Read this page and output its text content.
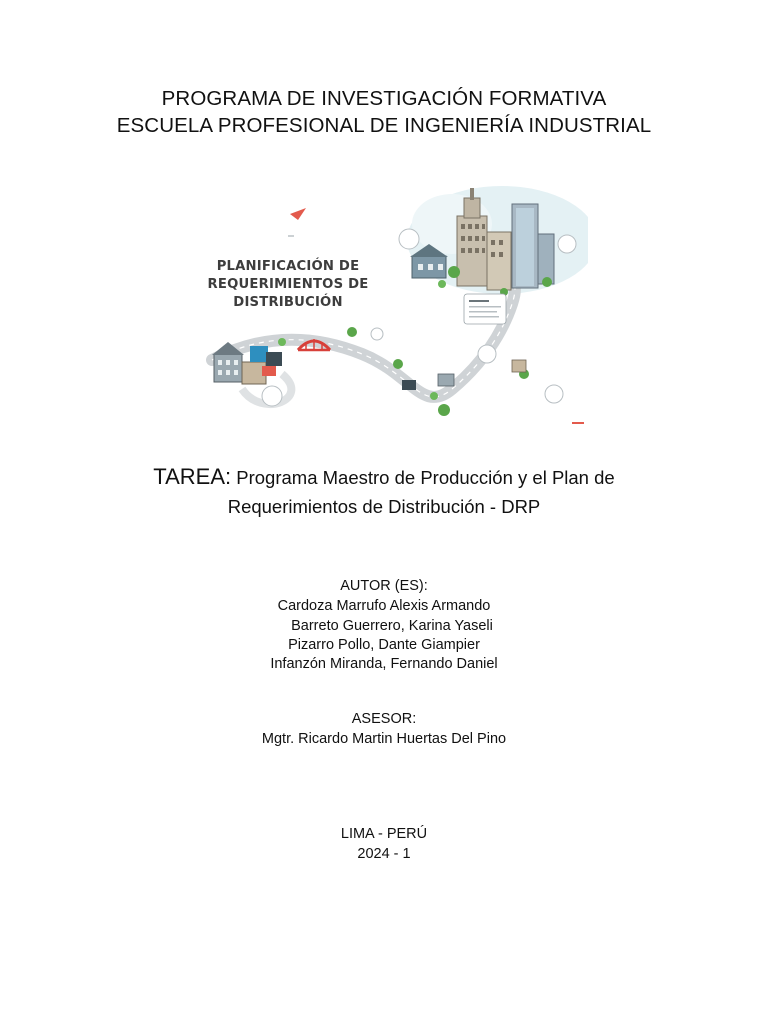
PROGRAMA DE INVESTIGACIÓN FORMATIVA
ESCUELA PROFESIONAL DE INGENIERÍA INDUSTRIAL
PLANIFICACIÓN DE
REQUERIMIENTOS DE
DISTRIBUCIÓN
TAREA: Programa Maestro de Producción y el Plan de
Requerimientos de Distribución - DRP
AUTOR (ES):
Cardoza Marrufo Alexis Armando
Barreto Guerrero, Karina Yaseli
Pizarro Pollo, Dante Giampier
Infanzón Miranda, Fernando Daniel
ASESOR:
Mgtr. Ricardo Martin Huertas Del Pino
LIMA - PERÚ
2024 - 1
